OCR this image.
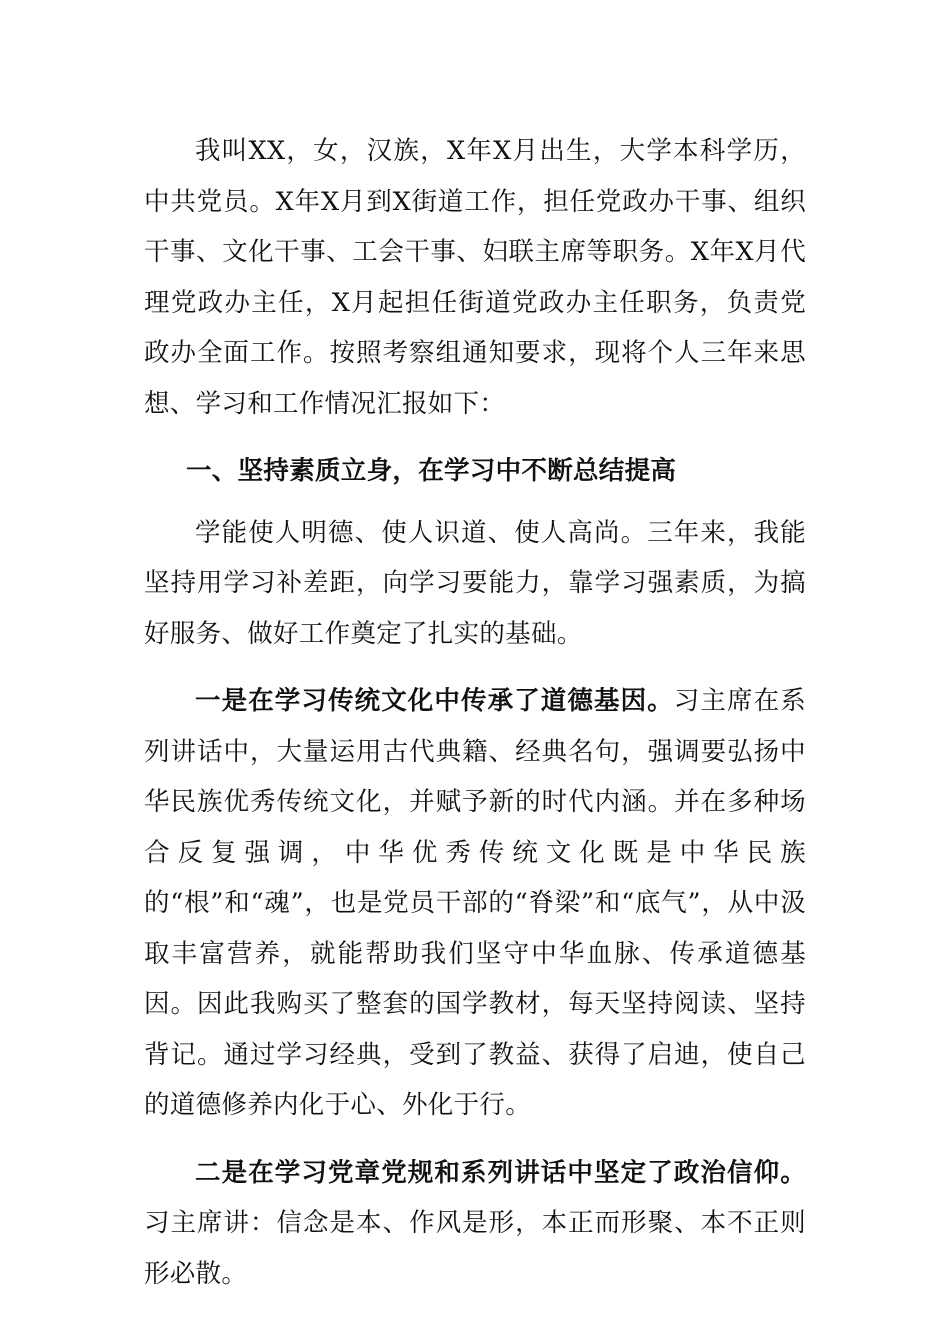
我叫XX，女，汉族，X年X月出生，大学本科学历，中共党员。X年X月到X街道工作，担任党政办干事、组织干事、文化干事、工会干事、妇联主席等职务。X年X月代理党政办主任，X月起担任街道党政办主任职务，负责党政办全面工作。按照考察组通知要求，现将个人三年来思想、学习和工作情况汇报如下：

一、坚持素质立身，在学习中不断总结提高

学能使人明德、使人识道、使人高尚。三年来，我能坚持用学习补差距，向学习要能力，靠学习强素质，为搞好服务、做好工作奠定了扎实的基础。

一是在学习传统文化中传承了道德基因。习主席在系列讲话中，大量运用古代典籍、经典名句，强调要弘扬中华民族优秀传统文化，并赋予新的时代内涵。并在多种场合反复强调，中华优秀传统文化既是中华民族的“根”和“魂”，也是党员干部的“脊梁”和“底气”，从中汲取丰富营养，就能帮助我们坚守中华血脉、传承道德基因。因此我购买了整套的国学教材，每天坚持阅读、坚持背记。通过学习经典，受到了教益、获得了启迪，使自己的道德修养内化于心、外化于行。

二是在学习党章党规和系列讲话中坚定了政治信仰。习主席讲：信念是本、作风是形，本正而形聚、本不正则形必散。
